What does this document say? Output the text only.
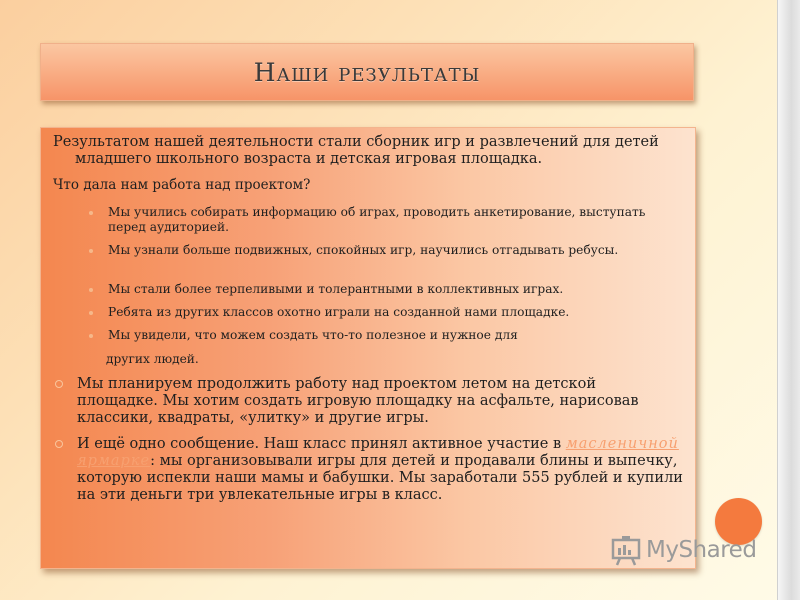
Наши результаты

Результатом нашей деятельности стали сборник игр и развлечений для детей младшего школьного возраста и детская игровая площадка.

Что дала нам работа над проектом?

Мы учились собирать информацию об играх, проводить анкетирование, выступать перед аудиторией.
Мы узнали больше подвижных, спокойных игр, научились отгадывать ребусы.
Мы стали более терпеливыми и толерантными в коллективных играх.
Ребята из других классов охотно играли на созданной нами площадке.
Мы увидели, что можем создать что-то полезное и нужное для
других людей.
Мы планируем продолжить работу над проектом летом на детской площадке. Мы хотим создать игровую площадку на асфальте, нарисовав классики, квадраты, «улитку» и другие игры.
И ещё одно сообщение. Наш класс принял активное участие в масленичной ярмарке: мы организовывали игры для детей и продавали блины и выпечку, которую испекли наши мамы и бабушки. Мы заработали 555 рублей и купили на эти деньги три увлекательные игры в класс.
MyShared
